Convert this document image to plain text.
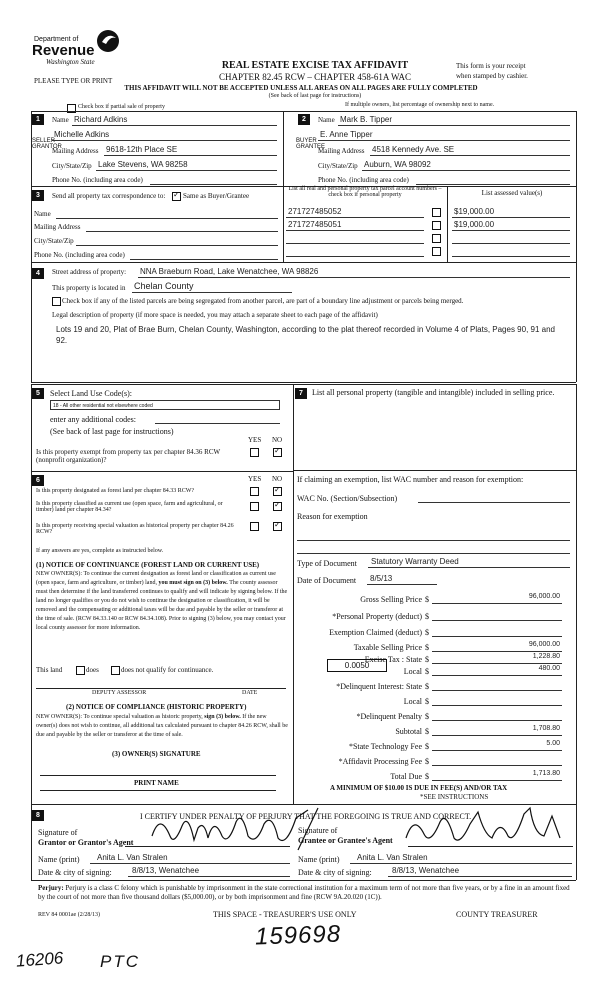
Department of
Revenue
Washington State	REAL ESTATE EXCISE TAX AFFIDAVIT
CHAPTER 82.45 RCW – CHAPTER 458-61A WAC
PLEASE TYPE OR PRINT
This form is your receipt
when stamped by cashier.
THIS AFFIDAVIT WILL NOT BE ACCEPTED UNLESS ALL AREAS ON ALL PAGES ARE FULLY COMPLETED
(See back of last page for instructions)
Check box if partial sale of property	If multiple owners, list percentage of ownership next to name.
1
SELLER GRANTOR
Name Richard Adkins
Michelle Adkins
Mailing Address 9618-12th Place SE
City/State/Zip Lake Stevens, WA 98258
Phone No. (including area code)
2
BUYER GRANTEE
Name Mark B. Tipper
E. Anne Tipper
Mailing Address 4518 Kennedy Ave. SE
City/State/Zip Auburn, WA 98092
Phone No. (including area code)
3	Send all property tax correspondence to:
✓	Same as Buyer/Grantee
Name
Mailing Address
City/State/Zip
Phone No. (including area code)
List all real and personal property tax parcel account numbers – check box if personal property	List assessed value(s)
271727485052	$19,000.00
271727485051	$19,000.00
4	Street address of property: NNA Braeburn Road, Lake Wenatchee, WA 98826
This property is located in Chelan County
Check box if any of the listed parcels are being segregated from another parcel, are part of a boundary line adjustment or parcels being merged.
Legal description of property (if more space is needed, you may attach a separate sheet to each page of the affidavit)
Lots 19 and 20, Plat of Brae Burn, Chelan County, Washington, according to the plat thereof recorded in Volume 4 of Plats, Pages 90, 91 and 92.
5	Select Land Use Code(s):
18 - All other residential not elsewhere coded
enter any additional codes:
(See back of last page for instructions)
YES NO
Is this property exempt from property tax per chapter 84.36 RCW (nonprofit organization)?
✓
7	List all personal property (tangible and intangible) included in selling price.
6	YES NO
Is this property designated as forest land per chapter 84.33 RCW?
✓
Is this property classified as current use (open space, farm and agricultural, or timber) land per chapter 84.34?
✓
Is this property receiving special valuation as historical property per chapter 84.26 RCW?
✓
If any answers are yes, complete as instructed below.
(1) NOTICE OF CONTINUANCE (FOREST LAND OR CURRENT USE)
NEW OWNER(S): To continue the current designation as forest land or classification as current use (open space, farm and agriculture, or timber) land, you must sign on (3) below. The county assessor must then determine if the land transferred continues to qualify and will indicate by signing below. If the land no longer qualifies or you do not wish to continue the designation or classification, it will be removed and the compensating or additional taxes will be due and payable by the seller or transferor at the time of sale. (RCW 84.33.140 or RCW 84.34.108). Prior to signing (3) below, you may contact your local county assessor for more information.
This land	does	does not qualify for continuance.
DEPUTY ASSESSOR	DATE
(2) NOTICE OF COMPLIANCE (HISTORIC PROPERTY)
NEW OWNER(S): To continue special valuation as historic property, sign (3) below. If the new owner(s) does not wish to continue, all additional tax calculated pursuant to chapter 84.26 RCW, shall be due and payable by the seller or transferor at the time of sale.
(3) OWNER(S) SIGNATURE
PRINT NAME
If claiming an exemption, list WAC number and reason for exemption:
WAC No. (Section/Subsection)
Reason for exemption
Type of Document Statutory Warranty Deed
Date of Document 8/5/13
Gross Selling Price $	96,000.00
*Personal Property (deduct) $
Exemption Claimed (deduct) $
Taxable Selling Price $	96,000.00
Excise Tax : State $	1,228.80
Local $	480.00
*Delinquent Interest: State $
Local $
*Delinquent Penalty $
Subtotal $	1,708.80
*State Technology Fee $	5.00
*Affidavit Processing Fee $
Total Due $	1,713.80
0.0050
A MINIMUM OF $10.00 IS DUE IN FEE(S) AND/OR TAX
*SEE INSTRUCTIONS
8	I CERTIFY UNDER PENALTY OF PERJURY THAT THE FOREGOING IS TRUE AND CORRECT.
Signature of
Grantor or Grantor's Agent
Signature of
Grantee or Grantee's Agent
Name (print) Anita L. Van Stralen	Name (print) Anita L. Van Stralen
Date & city of signing:	8/8/13, Wenatchee	Date & city of signing:	8/8/13, Wenatchee
Perjury: Perjury is a class C felony which is punishable by imprisonment in the state correctional institution for a maximum term of not more than five years, or by a fine in an amount fixed by the court of not more than five thousand dollars ($5,000.00), or by both imprisonment and fine (RCW 9A.20.020 (1C)).
REV 84 0001ae (2/28/13)	THIS SPACE - TREASURER'S USE ONLY	COUNTY TREASURER
159698
16206 PTC
